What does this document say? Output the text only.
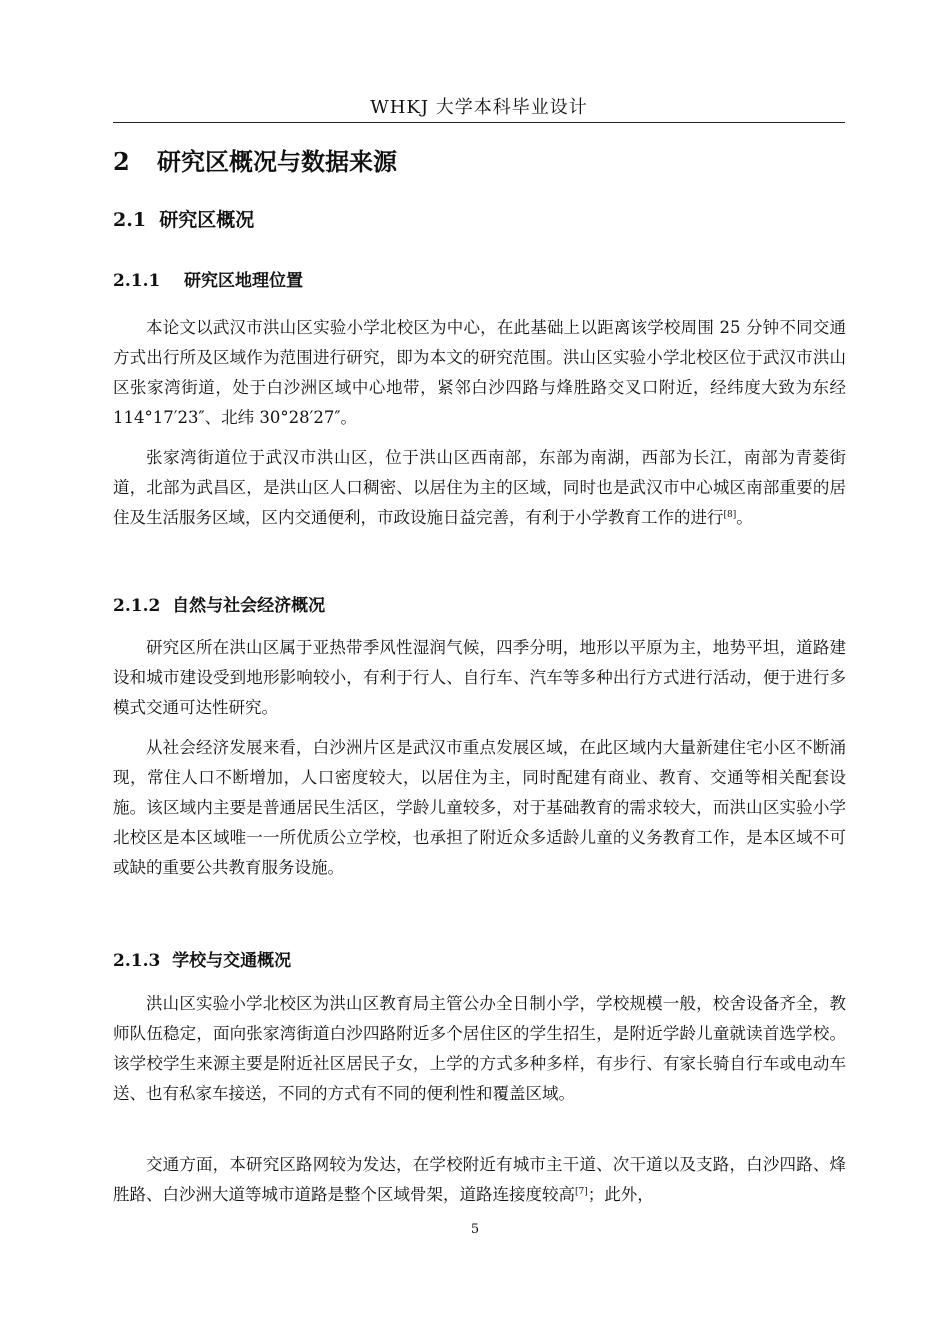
WHKJ 大学本科毕业设计
2 研究区概况与数据来源
2.1 研究区概况
2.1.1 研究区地理位置

本论文以武汉市洪山区实验小学北校区为中心，在此基础上以距离该学校周围 25 分钟不同交通方式出行所及区域作为范围进行研究，即为本文的研究范围。洪山区实验小学北校区位于武汉市洪山区张家湾街道，处于白沙洲区域中心地带，紧邻白沙四路与烽胜路交叉口附近，经纬度大致为东经 114°17′23″、北纬 30°28′27″。

张家湾街道位于武汉市洪山区，位于洪山区西南部，东部为南湖，西部为长江，南部为青菱街道，北部为武昌区，是洪山区人口稠密、以居住为主的区域，同时也是武汉市中心城区南部重要的居住及生活服务区域，区内交通便利，市政设施日益完善，有利于小学教育工作的进行[8]。

2.1.2 自然与社会经济概况

研究区所在洪山区属于亚热带季风性湿润气候，四季分明，地形以平原为主，地势平坦，道路建设和城市建设受到地形影响较小，有利于行人、自行车、汽车等多种出行方式进行活动，便于进行多模式交通可达性研究。

从社会经济发展来看，白沙洲片区是武汉市重点发展区域，在此区域内大量新建住宅小区不断涌现，常住人口不断增加，人口密度较大，以居住为主，同时配建有商业、教育、交通等相关配套设施。该区域内主要是普通居民生活区，学龄儿童较多，对于基础教育的需求较大，而洪山区实验小学北校区是本区域唯一一所优质公立学校，也承担了附近众多适龄儿童的义务教育工作，是本区域不可或缺的重要公共教育服务设施。

2.1.3 学校与交通概况

洪山区实验小学北校区为洪山区教育局主管公办全日制小学，学校规模一般，校舍设备齐全，教师队伍稳定，面向张家湾街道白沙四路附近多个居住区的学生招生，是附近学龄儿童就读首选学校。该学校学生来源主要是附近社区居民子女，上学的方式多种多样，有步行、有家长骑自行车或电动车送、也有私家车接送，不同的方式有不同的便利性和覆盖区域。

交通方面，本研究区路网较为发达，在学校附近有城市主干道、次干道以及支路，白沙四路、烽胜路、白沙洲大道等城市道路是整个区域骨架，道路连接度较高[7]；此外，

5
